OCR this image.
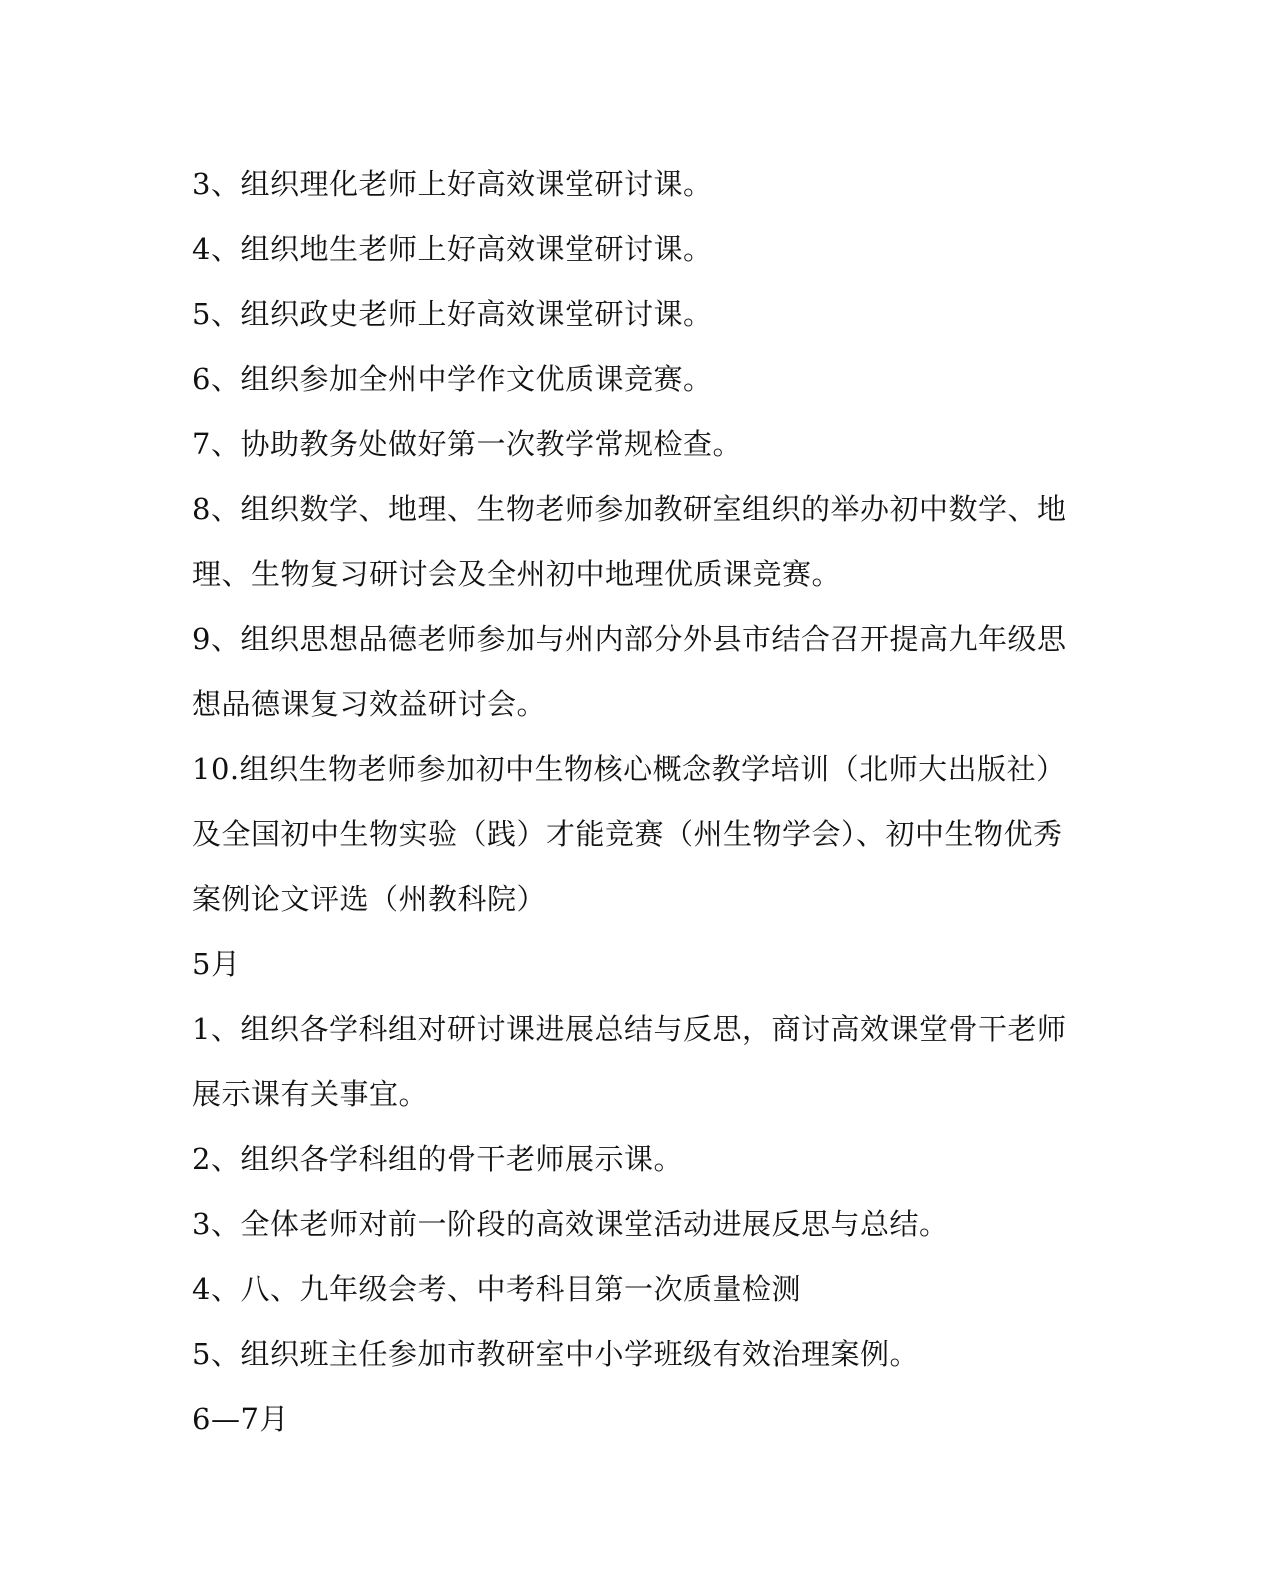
3、组织理化老师上好高效课堂研讨课。
4、组织地生老师上好高效课堂研讨课。
5、组织政史老师上好高效课堂研讨课。
6、组织参加全州中学作文优质课竞赛。
7、协助教务处做好第一次教学常规检查。
8、组织数学、地理、生物老师参加教研室组织的举办初中数学、地
理、生物复习研讨会及全州初中地理优质课竞赛。
9、组织思想品德老师参加与州内部分外县市结合召开提高九年级思
想品德课复习效益研讨会。
10.组织生物老师参加初中生物核心概念教学培训（北师大出版社）
及全国初中生物实验（践）才能竞赛（州生物学会）、初中生物优秀
案例论文评选（州教科院）
5月
1、组织各学科组对研讨课进展总结与反思，商讨高效课堂骨干老师
展示课有关事宜。
2、组织各学科组的骨干老师展示课。
3、全体老师对前一阶段的高效课堂活动进展反思与总结。
4、八、九年级会考、中考科目第一次质量检测
5、组织班主任参加市教研室中小学班级有效治理案例。
6—7月
